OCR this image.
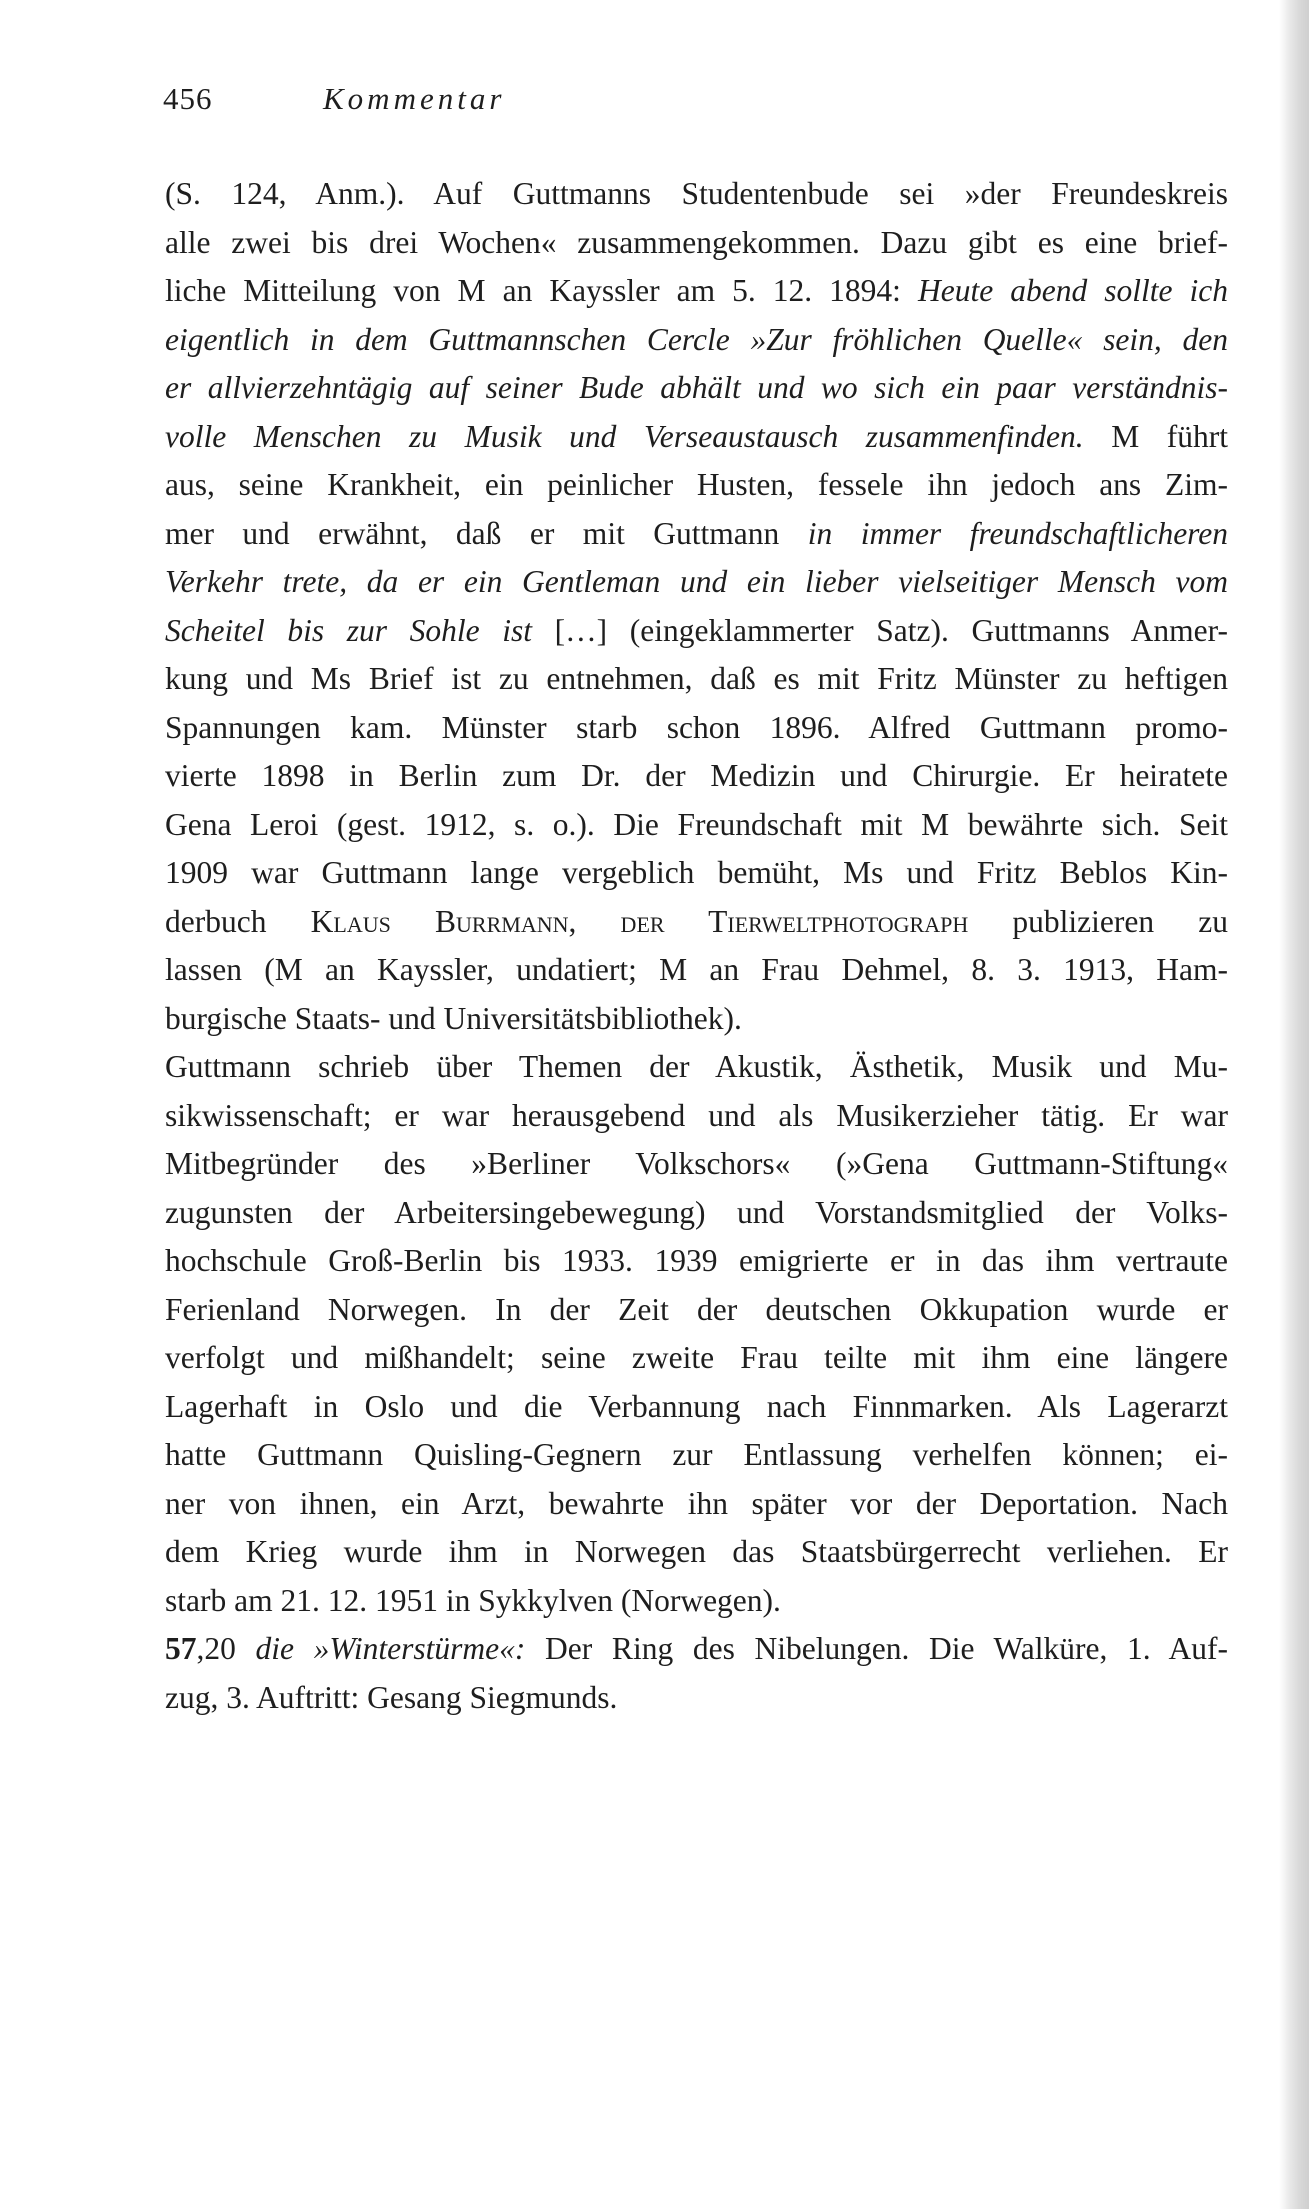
456	Kommentar
(S. 124, Anm.). Auf Guttmanns Studentenbude sei »der Freundeskreis
alle zwei bis drei Wochen« zusammengekommen. Dazu gibt es eine brief-
liche Mitteilung von M an Kayssler am 5. 12. 1894: Heute abend sollte ich
eigentlich in dem Guttmannschen Cercle »Zur fröhlichen Quelle« sein, den
er allvierzehntägig auf seiner Bude abhält und wo sich ein paar verständnis-
volle Menschen zu Musik und Verseaustausch zusammenfinden. M führt
aus, seine Krankheit, ein peinlicher Husten, fessele ihn jedoch ans Zim-
mer und erwähnt, daß er mit Guttmann in immer freundschaftlicheren
Verkehr trete, da er ein Gentleman und ein lieber vielseitiger Mensch vom
Scheitel bis zur Sohle ist […] (eingeklammerter Satz). Guttmanns Anmer-
kung und Ms Brief ist zu entnehmen, daß es mit Fritz Münster zu heftigen
Spannungen kam. Münster starb schon 1896. Alfred Guttmann promo-
vierte 1898 in Berlin zum Dr. der Medizin und Chirurgie. Er heiratete
Gena Leroi (gest. 1912, s. o.). Die Freundschaft mit M bewährte sich. Seit
1909 war Guttmann lange vergeblich bemüht, Ms und Fritz Beblos Kin-
derbuch Klaus Burrmann, der Tierweltphotograph publizieren zu
lassen (M an Kayssler, undatiert; M an Frau Dehmel, 8. 3. 1913, Ham-
burgische Staats- und Universitätsbibliothek).
Guttmann schrieb über Themen der Akustik, Ästhetik, Musik und Mu-
sikwissenschaft; er war herausgebend und als Musikerzieher tätig. Er war
Mitbegründer des »Berliner Volkschors« (»Gena Guttmann-Stiftung«
zugunsten der Arbeitersingebewegung) und Vorstandsmitglied der Volks-
hochschule Groß-Berlin bis 1933. 1939 emigrierte er in das ihm vertraute
Ferienland Norwegen. In der Zeit der deutschen Okkupation wurde er
verfolgt und mißhandelt; seine zweite Frau teilte mit ihm eine längere
Lagerhaft in Oslo und die Verbannung nach Finnmarken. Als Lagerarzt
hatte Guttmann Quisling-Gegnern zur Entlassung verhelfen können; ei-
ner von ihnen, ein Arzt, bewahrte ihn später vor der Deportation. Nach
dem Krieg wurde ihm in Norwegen das Staatsbürgerrecht verliehen. Er
starb am 21. 12. 1951 in Sykkylven (Norwegen).
57,20 die »Winterstürme«: Der Ring des Nibelungen. Die Walküre, 1. Auf-
zug, 3. Auftritt: Gesang Siegmunds.
